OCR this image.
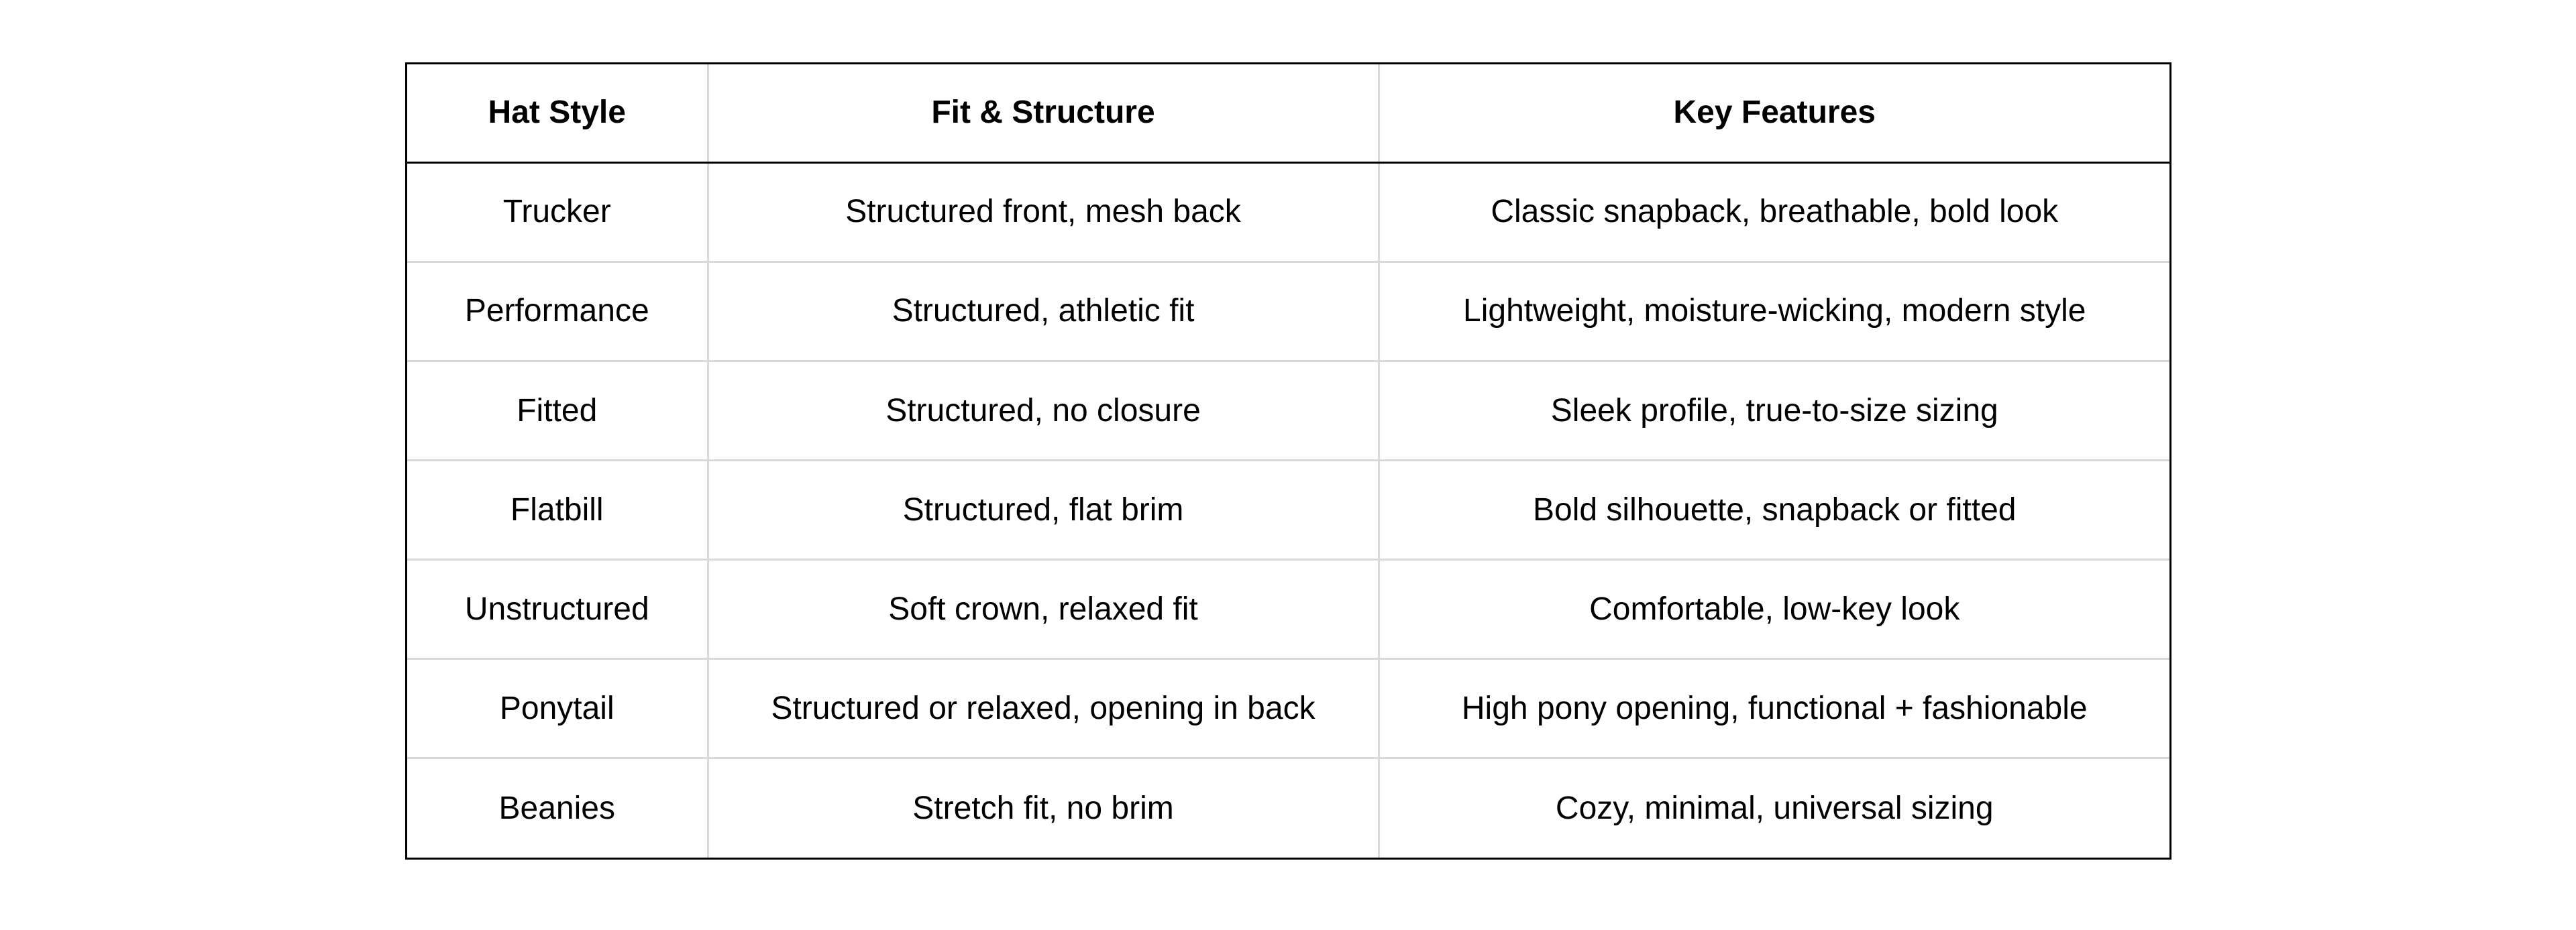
Hat Style	Fit & Structure	Key Features
Trucker	Structured front, mesh back	Classic snapback, breathable, bold look
Performance	Structured, athletic fit	Lightweight, moisture-wicking, modern style
Fitted	Structured, no closure	Sleek profile, true-to-size sizing
Flatbill	Structured, flat brim	Bold silhouette, snapback or fitted
Unstructured	Soft crown, relaxed fit	Comfortable, low-key look
Ponytail	Structured or relaxed, opening in back	High pony opening, functional + fashionable
Beanies	Stretch fit, no brim	Cozy, minimal, universal sizing
